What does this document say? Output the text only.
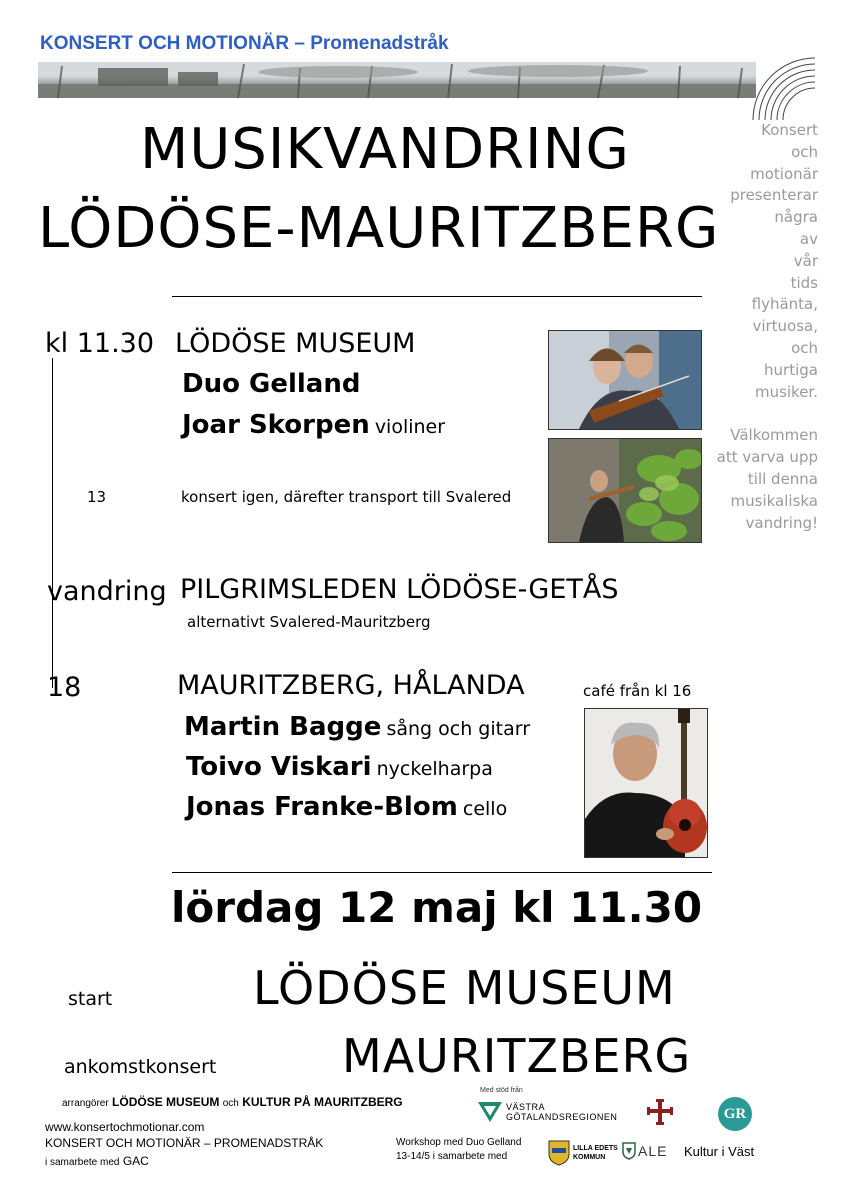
KONSERT OCH MOTIONÄR – Promenadstråk
MUSIKVANDRING
LÖDÖSE-MAURITZBERG

Konsert

och

motionär

presenterar

några

av

vår

tids

flyhänta,

virtuosa,

och

hurtiga

musiker.

Välkommen

att varva upp

till denna

musikaliska

vandring!

kl 11.30 LÖDÖSE MUSEUM
Duo Gelland
Joar Skorpen violiner
13	konsert igen, därefter transport till Svalered
vandring PILGRIMSLEDEN LÖDÖSE-GETÅS
alternativt Svalered-Mauritzberg
18	MAURITZBERG, HÅLANDA	café från kl 16
Martin Bagge sång och gitarr
Toivo Viskari nyckelharpa
Jonas Franke-Blom cello
lördag 12 maj kl 11.30
start	LÖDÖSE MUSEUM
ankomstkonsert	MAURITZBERG
arrangörer LÖDÖSE MUSEUM och KULTUR PÅ MAURITZBERG
www.konsertochmotionar.com
KONSERT OCH MOTIONÄR – PROMENADSTRÅK
i samarbete med GAC
Workshop med Duo Gelland
13-14/5 i samarbete med
Med stöd från
VÄSTRA
GÖTALANDSREGIONEN	GR
LILLA EDETS
KOMMUN	ALE Kultur i Väst
